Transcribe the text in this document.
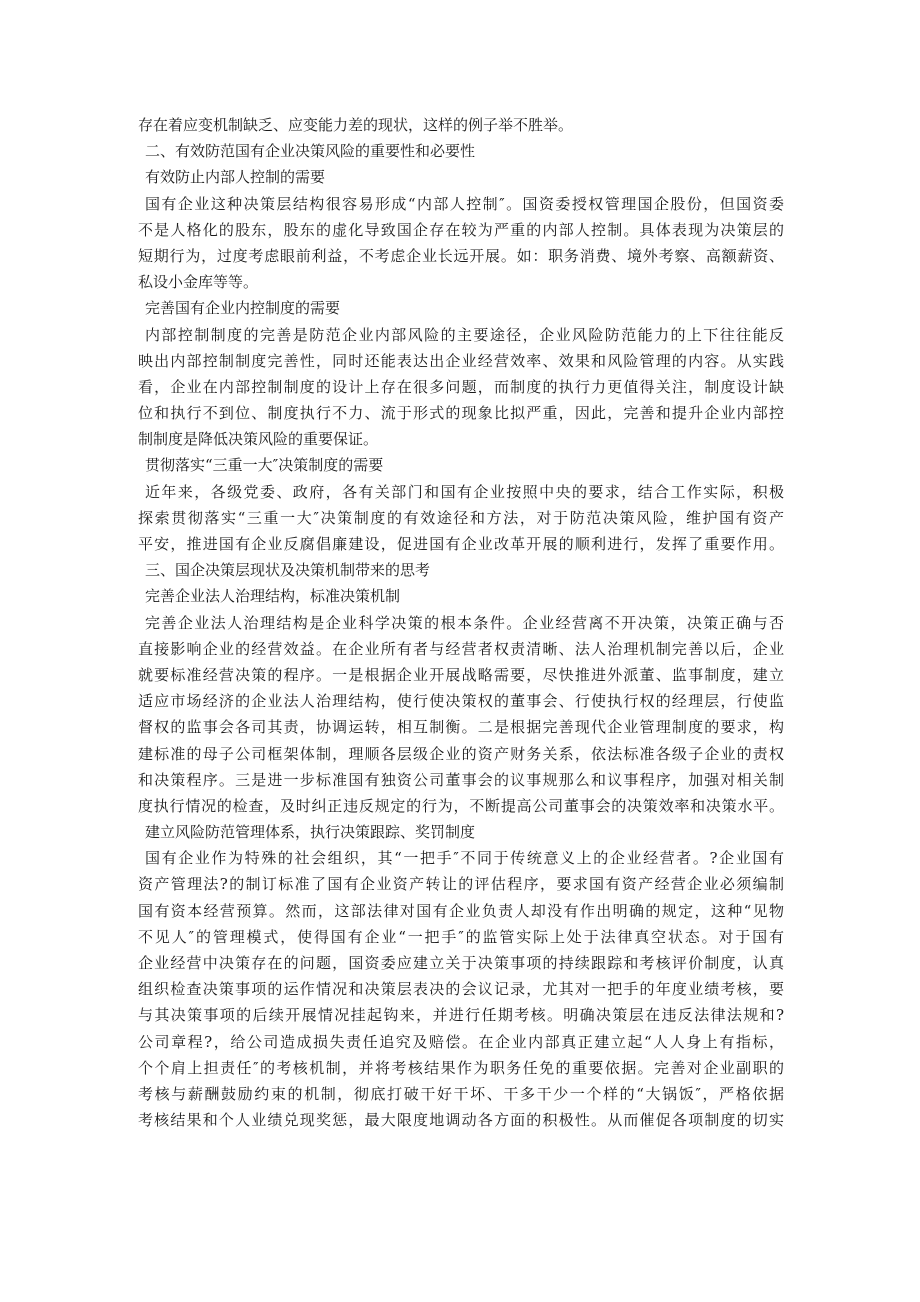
存在着应变机制缺乏、应变能力差的现状，这样的例子举不胜举。
二、有效防范国有企业决策风险的重要性和必要性
有效防止内部人控制的需要
国有企业这种决策层结构很容易形成“内部人控制″。国资委授权管理国企股份，但国资委
不是人格化的股东，股东的虚化导致国企存在较为严重的内部人控制。具体表现为决策层的
短期行为，过度考虑眼前利益，不考虑企业长远开展。如：职务消费、境外考察、高额薪资、
私设小金库等等。
完善国有企业内控制度的需要
内部控制制度的完善是防范企业内部风险的主要途径，企业风险防范能力的上下往往能反
映出内部控制制度完善性，同时还能表达出企业经营效率、效果和风险管理的内容。从实践
看，企业在内部控制制度的设计上存在很多问题，而制度的执行力更值得关注，制度设计缺
位和执行不到位、制度执行不力、流于形式的现象比拟严重，因此，完善和提升企业内部控
制制度是降低决策风险的重要保证。
贯彻落实“三重一大″决策制度的需要
近年来，各级党委、政府，各有关部门和国有企业按照中央的要求，结合工作实际，积极
探索贯彻落实“三重一大″决策制度的有效途径和方法，对于防范决策风险，维护国有资产
平安，推进国有企业反腐倡廉建设，促进国有企业改革开展的顺利进行，发挥了重要作用。
三、国企决策层现状及决策机制带来的思考
完善企业法人治理结构，标准决策机制
完善企业法人治理结构是企业科学决策的根本条件。企业经营离不开决策，决策正确与否
直接影响企业的经营效益。在企业所有者与经营者权责清晰、法人治理机制完善以后，企业
就要标准经营决策的程序。一是根据企业开展战略需要，尽快推进外派董、监事制度，建立
适应市场经济的企业法人治理结构，使行使决策权的董事会、行使执行权的经理层，行使监
督权的监事会各司其责，协调运转，相互制衡。二是根据完善现代企业管理制度的要求，构
建标准的母子公司框架体制，理顺各层级企业的资产财务关系，依法标准各级子企业的责权
和决策程序。三是进一步标准国有独资公司董事会的议事规那么和议事程序，加强对相关制
度执行情况的检查，及时纠正违反规定的行为，不断提高公司董事会的决策效率和决策水平。
建立风险防范管理体系，执行决策跟踪、奖罚制度
国有企业作为特殊的社会组织，其“一把手″不同于传统意义上的企业经营者。?企业国有
资产管理法?的制订标准了国有企业资产转让的评估程序，要求国有资产经营企业必须编制
国有资本经营预算。然而，这部法律对国有企业负责人却没有作出明确的规定，这种“见物
不见人″的管理模式，使得国有企业“一把手″的监管实际上处于法律真空状态。对于国有
企业经营中决策存在的问题，国资委应建立关于决策事项的持续跟踪和考核评价制度，认真
组织检查决策事项的运作情况和决策层表决的会议记录，尤其对一把手的年度业绩考核，要
与其决策事项的后续开展情况挂起钩来，并进行任期考核。明确决策层在违反法律法规和?
公司章程?，给公司造成损失责任追究及赔偿。在企业内部真正建立起“人人身上有指标，
个个肩上担责任″的考核机制，并将考核结果作为职务任免的重要依据。完善对企业副职的
考核与薪酬鼓励约束的机制，彻底打破干好干坏、干多干少一个样的“大锅饭″，严格依据
考核结果和个人业绩兑现奖惩，最大限度地调动各方面的积极性。从而催促各项制度的切实
